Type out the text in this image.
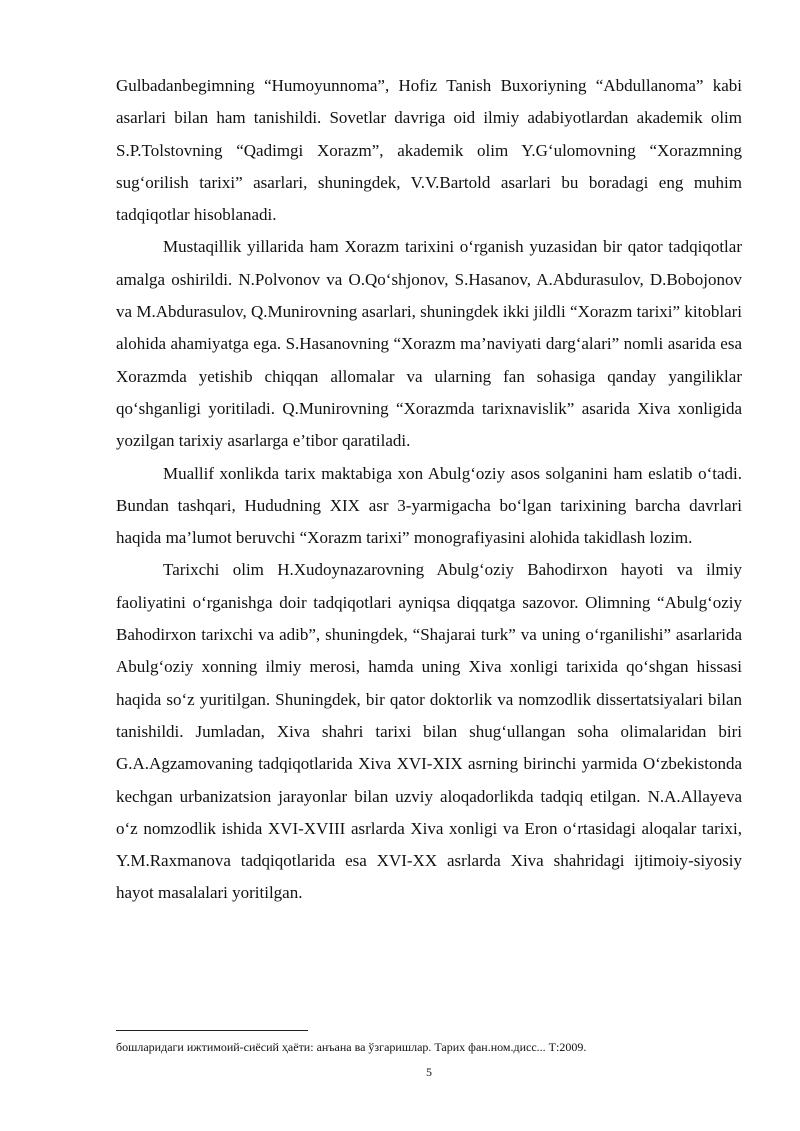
Gulbadanbegimning “Humoyunnoma”, Hofiz Tanish Buxoriyning “Abdullanoma” kabi asarlari bilan ham tanishildi. Sovetlar davriga oid ilmiy adabiyotlardan akademik olim S.P.Tolstovning “Qadimgi Xorazm”, akademik olim Y.G‘ulomovning “Xorazmning sug‘orilish tarixi” asarlari, shuningdek, V.V.Bartold asarlari bu boradagi eng muhim tadqiqotlar hisoblanadi.

Mustaqillik yillarida ham Xorazm tarixini o‘rganish yuzasidan bir qator tadqiqotlar amalga oshirildi. N.Polvonov va O.Qo‘shjonov, S.Hasanov, A.Abdurasulov, D.Bobojonov va M.Abdurasulov, Q.Munirovning asarlari, shuningdek ikki jildli “Xorazm tarixi” kitoblari alohida ahamiyatga ega. S.Hasanovning “Xorazm ma’naviyati darg‘alari” nomli asarida esa Xorazmda yetishib chiqqan allomalar va ularning fan sohasiga qanday yangiliklar qo‘shganligi yoritiladi. Q.Munirovning “Xorazmda tarixnavislik” asarida Xiva xonligida yozilgan tarixiy asarlarga e’tibor qaratiladi.

Muallif xonlikda tarix maktabiga xon Abulg‘oziy asos solganini ham eslatib o‘tadi. Bundan tashqari, Hududning XIX asr 3-yarmigacha bo‘lgan tarixining barcha davrlari haqida ma’lumot beruvchi “Xorazm tarixi” monografiyasini alohida takidlash lozim.

Tarixchi olim H.Xudoynazarovning Abulg‘oziy Bahodirxon hayoti va ilmiy faoliyatini o‘rganishga doir tadqiqotlari ayniqsa diqqatga sazovor. Olimning “Abulg‘oziy Bahodirxon tarixchi va adib”, shuningdek, “Shajarai turk” va uning o‘rganilishi” asarlarida Abulg‘oziy xonning ilmiy merosi, hamda uning Xiva xonligi tarixida qo‘shgan hissasi haqida so‘z yuritilgan. Shuningdek, bir qator doktorlik va nomzodlik dissertatsiyalari bilan tanishildi. Jumladan, Xiva shahri tarixi bilan shug‘ullangan soha olimalaridan biri G.A.Agzamovaning tadqiqotlarida Xiva XVI-XIX asrning birinchi yarmida O‘zbekistonda kechgan urbanizatsion jarayonlar bilan uzviy aloqadorlikda tadqiq etilgan. N.A.Allayeva o‘z nomzodlik ishida XVI-XVIII asrlarda Xiva xonligi va Eron o‘rtasidagi aloqalar tarixi, Y.M.Raxmanova tadqiqotlarida esa XVI-XX asrlarda Xiva shahridagi ijtimoiy-siyosiy hayot masalalari yoritilgan.

бошларидаги ижтимоий-сиёсий ҳаёти: анъана ва ўзгаришлар. Тарих фан.ном.дисс... Т:2009.
5
